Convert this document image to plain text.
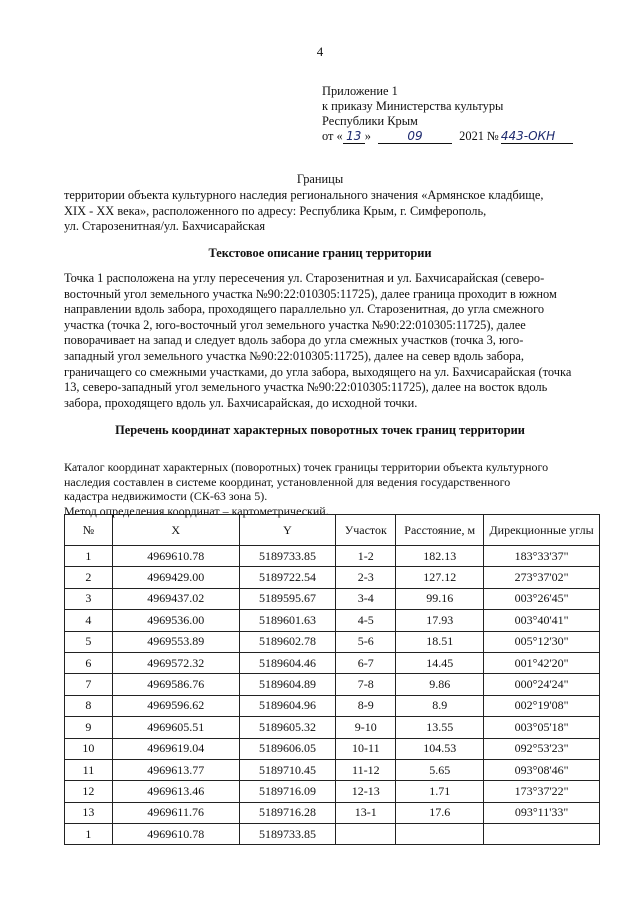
4
Приложение 1
к приказу Министерства культуры
Республики Крым
от « 13 »	09	2021 № 443-ОКН
Границы
территории объекта культурного наследия регионального значения «Армянское кладбище,
XIX - XX века», расположенного по адресу: Республика Крым, г. Симферополь,
ул. Старозенитная/ул. Бахчисарайская
Текстовое описание границ территории
Точка 1 расположена на углу пересечения ул. Старозенитная и ул. Бахчисарайская (северо-
восточный угол земельного участка №90:22:010305:11725), далее граница проходит в южном
направлении вдоль забора, проходящего параллельно ул. Старозенитная, до угла смежного
участка (точка 2, юго-восточный угол земельного участка №90:22:010305:11725), далее
поворачивает на запад и следует вдоль забора до угла смежных участков (точка 3, юго-
западный угол земельного участка №90:22:010305:11725), далее на север вдоль забора,
граничащего со смежными участками, до угла забора, выходящего на ул. Бахчисарайская (точка
13, северо-западный угол земельного участка №90:22:010305:11725), далее на восток вдоль
забора, проходящего вдоль ул. Бахчисарайская, до исходной точки.
Перечень координат характерных поворотных точек границ территории
Каталог координат характерных (поворотных) точек границы территории объекта культурного
наследия составлен в системе координат, установленной для ведения государственного
кадастра недвижимости (СК-63 зона 5).
Метод определения координат – картометрический.
№	X	Y	Участок	Расстояние, м	Дирекционные углы
1	4969610.78	5189733.85	1-2	182.13	183°33'37"
2	4969429.00	5189722.54	2-3	127.12	273°37'02"
3	4969437.02	5189595.67	3-4	99.16	003°26'45"
4	4969536.00	5189601.63	4-5	17.93	003°40'41"
5	4969553.89	5189602.78	5-6	18.51	005°12'30"
6	4969572.32	5189604.46	6-7	14.45	001°42'20"
7	4969586.76	5189604.89	7-8	9.86	000°24'24"
8	4969596.62	5189604.96	8-9	8.9	002°19'08"
9	4969605.51	5189605.32	9-10	13.55	003°05'18"
10	4969619.04	5189606.05	10-11	104.53	092°53'23"
11	4969613.77	5189710.45	11-12	5.65	093°08'46"
12	4969613.46	5189716.09	12-13	1.71	173°37'22"
13	4969611.76	5189716.28	13-1	17.6	093°11'33"
1	4969610.78	5189733.85			
